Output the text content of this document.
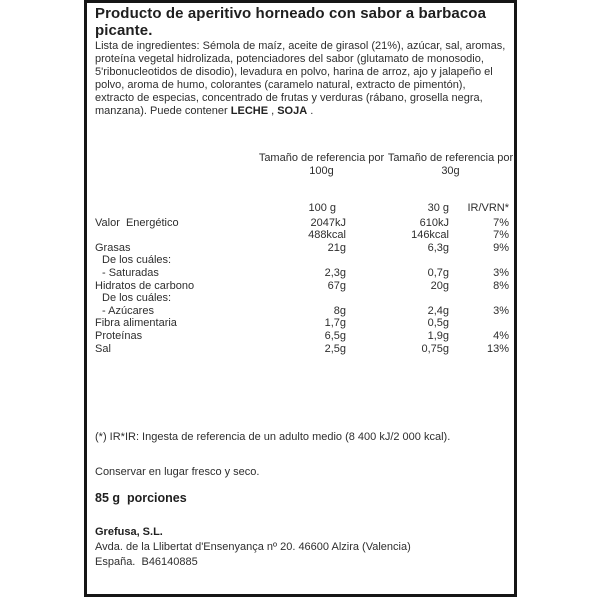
Producto de aperitivo horneado con sabor a barbacoa picante.
Lista de ingredientes: Sémola de maíz, aceite de girasol (21%), azúcar, sal, aromas, proteína vegetal hidrolizada, potenciadores del sabor (glutamato de monosodio, 5'ribonucleotidos de disodio), levadura en polvo, harina de arroz, ajo y jalapeño el polvo, aroma de humo, colorantes (caramelo natural, extracto de pimentón), extracto de especias, concentrado de frutas y verduras (rábano, grosella negra, manzana). Puede contener LECHE , SOJA .
Tamaño de referencia por
100g
Tamaño de referencia por
30g
100 g	30 g	IR/VRN*
Valor  Energético	2047kJ	610kJ	7%
488kcal	146kcal	7%
Grasas	21g	6,3g	9%
De los cuáles:
- Saturadas	2,3g	0,7g	3%
Hidratos de carbono	67g	20g	8%
De los cuáles:
- Azúcares	8g	2,4g	3%
Fibra alimentaria	1,7g	0,5g
Proteínas	6,5g	1,9g	4%
Sal	2,5g	0,75g	13%
(*) IR*IR: Ingesta de referencia de un adulto medio (8 400 kJ/2 000 kcal).
Conservar en lugar fresco y seco.
85 g  porciones
Grefusa, S.L.
Avda. de la Llibertat d'Ensenyança nº 20. 46600 Alzira (Valencia)
España.  B46140885
